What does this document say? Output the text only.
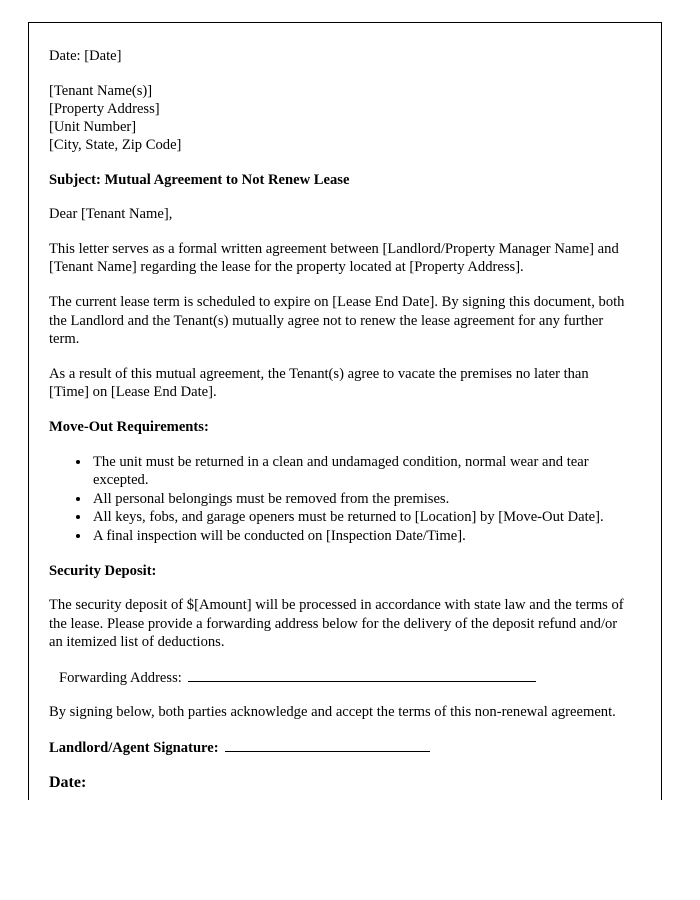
Date: [Date]

[Tenant Name(s)]

[Property Address]

[Unit Number]

[City, State, Zip Code]

Subject: Mutual Agreement to Not Renew Lease

Dear [Tenant Name],

This letter serves as a formal written agreement between [Landlord/Property Manager Name] and [Tenant Name] regarding the lease for the property located at [Property Address].

The current lease term is scheduled to expire on [Lease End Date]. By signing this document, both the Landlord and the Tenant(s) mutually agree not to renew the lease agreement for any further term.

As a result of this mutual agreement, the Tenant(s) agree to vacate the premises no later than [Time] on [Lease End Date].

Move-Out Requirements:

• The unit must be returned in a clean and undamaged condition, normal wear and tear excepted.
• All personal belongings must be removed from the premises.
• All keys, fobs, and garage openers must be returned to [Location] by [Move-Out Date].
• A final inspection will be conducted on [Inspection Date/Time].

Security Deposit:

The security deposit of $[Amount] will be processed in accordance with state law and the terms of the lease. Please provide a forwarding address below for the delivery of the deposit refund and/or an itemized list of deductions.

Forwarding Address:

By signing below, both parties acknowledge and accept the terms of this non-renewal agreement.

Landlord/Agent Signature:
Date:
